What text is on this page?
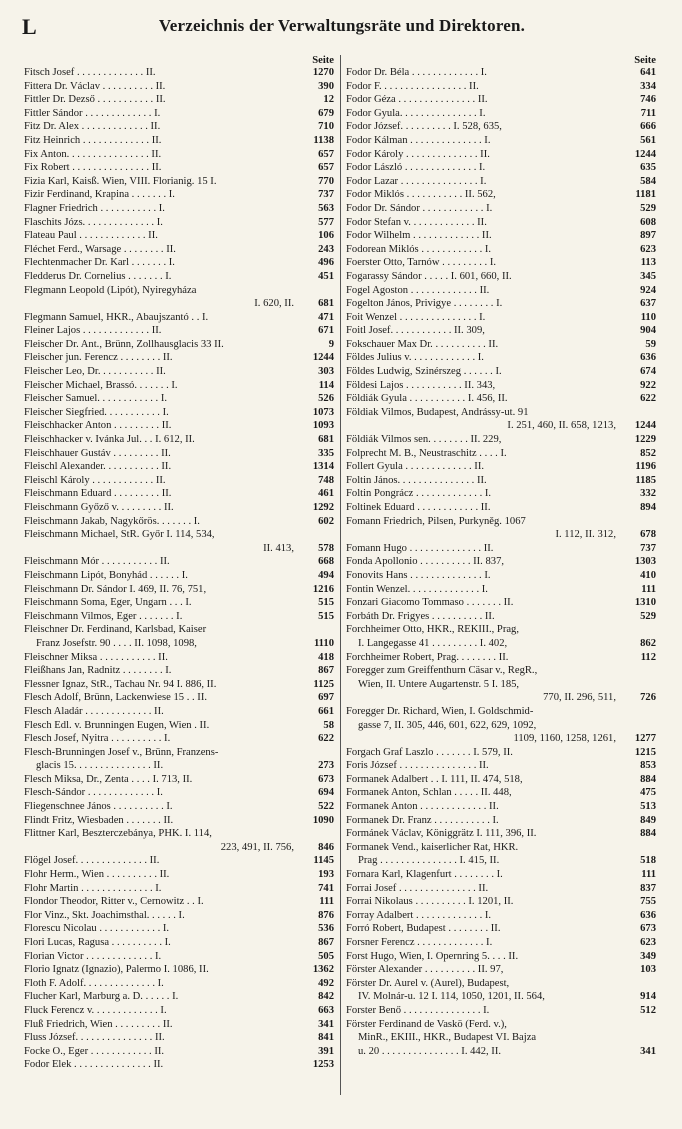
L	Verzeichnis der Verwaltungsräte und Direktoren.
Seite
Fitsch Josef . . . . . . . . . . . . . II.	1270
Fittera Dr. Václav . . . . . . . . . . II.	390
Fittler Dr. Dezső . . . . . . . . . . . II.	12
Fittler Sándor . . . . . . . . . . . . . I.	679
Fitz Dr. Alex . . . . . . . . . . . . . II.	710
Fitz Heinrich . . . . . . . . . . . . . II.	1138
Fix Anton. . . . . . . . . . . . . . . . II.	657
Fix Robert . . . . . . . . . . . . . . . II.	657
Fizia Karl, Kaisß. Wien, VIII. Florianig. 15 I.	770
Fizir Ferdinand, Krapina . . . . . . . I.	737
Flagner Friedrich . . . . . . . . . . . I.	563
Flaschits Józs. . . . . . . . . . . . . . I.	577
Flateau Paul . . . . . . . . . . . . . II.	106
Fléchet Ferd., Warsage . . . . . . . . II.	243
Flechtenmacher Dr. Karl . . . . . . . I.	496
Fledderus Dr. Cornelius . . . . . . . I.	451
Flegmann Leopold (Lipót), Nyiregyháza
I. 620, II.	681
Flegmann Samuel, HKR., Abaujszantó . . I.	471
Fleiner Lajos . . . . . . . . . . . . . II.	671
Fleischer Dr. Ant., Brünn, Zollhausglacis 33 II.	9
Fleischer jun. Ferencz . . . . . . . . II.	1244
Fleischer Leo, Dr. . . . . . . . . . . II.	303
Fleischer Michael, Brassó. . . . . . . I.	114
Fleischer Samuel. . . . . . . . . . . . I.	526
Fleischer Siegfried. . . . . . . . . . . I.	1073
Fleischhacker Anton . . . . . . . . . II.	1093
Fleischhacker v. Ivánka Jul. . . I. 612, II.	681
Fleischhauer Gustáv . . . . . . . . . II.	335
Fleischl Alexander. . . . . . . . . . . II.	1314
Fleischl Károly . . . . . . . . . . . . II.	748
Fleischmann Eduard . . . . . . . . . II.	461
Fleischmann Győző v. . . . . . . . . II.	1292
Fleischmann Jakab, Nagykőrös. . . . . . . I.	602
Fleischmann Michael, StR. Győr I. 114, 534,
II. 413,	578
Fleischmann Mór . . . . . . . . . . . II.	668
Fleischmann Lipót, Bonyhád . . . . . . I.	494
Fleischmann Dr. Sándor I. 469, II. 76, 751,	1216
Fleischmann Soma, Eger, Ungarn . . . I.	515
Fleischmann Vilmos, Eger . . . . . . . I.	515
Fleischner Dr. Ferdinand, Karlsbad, Kaiser
Franz Josefstr. 90 . . . . II. 1098, 1098,	1110
Fleischner Miksa . . . . . . . . . . . II.	418
Fleißhans Jan, Radnitz . . . . . . . . I.	867
Flessner Ignaz, StR., Tachau Nr. 94 I. 886, II.	1125
Flesch Adolf, Brünn, Lackenwiese 15 . . II.	697
Flesch Aladár . . . . . . . . . . . . . II.	661
Flesch Edl. v. Brunningen Eugen, Wien . II.	58
Flesch Josef, Nyitra . . . . . . . . . . I.	622
Flesch-Brunningen Josef v., Brünn, Franzens-
glacis 15. . . . . . . . . . . . . . . II.	273
Flesch Miksa, Dr., Zenta . . . . I. 713, II.	673
Flesch-Sándor . . . . . . . . . . . . . I.	694
Fliegenschnee János . . . . . . . . . . I.	522
Flindt Fritz, Wiesbaden . . . . . . . II.	1090
Flittner Karl, Beszterczebánya, PHK. I. 114,
223, 491, II. 756,	846
Flögel Josef. . . . . . . . . . . . . . II.	1145
Flohr Herm., Wien . . . . . . . . . . II.	193
Flohr Martin . . . . . . . . . . . . . . I.	741
Flondor Theodor, Ritter v., Cernowitz . . I.	111
Flor Vinz., Skt. Joachimsthal. . . . . . I.	876
Florescu Nicolau . . . . . . . . . . . . I.	536
Flori Lucas, Ragusa . . . . . . . . . . I.	867
Florian Victor . . . . . . . . . . . . . I.	505
Florio Ignatz (Ignazio), Palermo I. 1086, II.	1362
Floth F. Adolf. . . . . . . . . . . . . . I.	492
Flucher Karl, Marburg a. D. . . . . . I.	842
Fluck Ferencz v. . . . . . . . . . . . . I.	663
Fluß Friedrich, Wien . . . . . . . . . II.	341
Fluss József. . . . . . . . . . . . . . . II.	841
Focke O., Eger . . . . . . . . . . . . II.	391
Fodor Elek . . . . . . . . . . . . . . . II.	1253
Seite
Fodor Dr. Béla . . . . . . . . . . . . . I.	641
Fodor F. . . . . . . . . . . . . . . . . II.	334
Fodor Géza . . . . . . . . . . . . . . . II.	746
Fodor Gyula. . . . . . . . . . . . . . . I.	711
Fodor József. . . . . . . . . . I. 528, 635,	666
Fodor Kálman . . . . . . . . . . . . . . I.	561
Fodor Károly . . . . . . . . . . . . . . II.	1244
Fodor László . . . . . . . . . . . . . . I.	635
Fodor Lazar . . . . . . . . . . . . . . . I.	584
Fodor Miklós . . . . . . . . . . . II. 562,	1181
Fodor Dr. Sándor . . . . . . . . . . . . I.	529
Fodor Stefan v. . . . . . . . . . . . . II.	608
Fodor Wilhelm . . . . . . . . . . . . . II.	897
Fodorean Miklós . . . . . . . . . . . . I.	623
Foerster Otto, Tarnów . . . . . . . . . I.	113
Fogarassy Sándor . . . . . I. 601, 660, II.	345
Fogel Agoston . . . . . . . . . . . . . II.	924
Fogelton János, Privigye . . . . . . . . I.	637
Foit Wenzel . . . . . . . . . . . . . . . I.	110
Foitl Josef. . . . . . . . . . . . II. 309,	904
Fokschauer Max Dr. . . . . . . . . . . II.	59
Földes Julius v. . . . . . . . . . . . . I.	636
Földes Ludwig, Szinérszeg . . . . . . I.	674
Földesi Lajos . . . . . . . . . . . II. 343,	922
Földiák Gyula . . . . . . . . . . . I. 456, II.	622
Földiak Vilmos, Budapest, Andrássy-ut. 91
I. 251, 460, II. 658, 1213,	1244
Földiák Vilmos sen. . . . . . . . II. 229,	1229
Folprecht M. B., Neustraschitz . . . . I.	852
Follert Gyula . . . . . . . . . . . . . II.	1196
Foltin János. . . . . . . . . . . . . . . II.	1185
Foltin Pongrácz . . . . . . . . . . . . . I.	332
Foltinek Eduard . . . . . . . . . . . . II.	894
Fomann Friedrich, Pilsen, Purkyněg. 1067
I. 112, II. 312,	678
Fomann Hugo . . . . . . . . . . . . . . II.	737
Fonda Apollonio . . . . . . . . . . II. 837,	1303
Fonovits Hans . . . . . . . . . . . . . . I.	410
Fontin Wenzel. . . . . . . . . . . . . . I.	111
Fonzari Giacomo Tommaso . . . . . . . II.	1310
Forbáth Dr. Frigyes . . . . . . . . . . II.	529
Forchheimer Otto, HKR., REKIII., Prag,
I. Langegasse 41 . . . . . . . . . I. 402,	862
Forchheimer Robert, Prag. . . . . . . . II.	112
Foregger zum Greiffenthurn Cäsar v., RegR.,
Wien, II. Untere Augartenstr. 5 I. 185,
770, II. 296, 511,	726
Foregger Dr. Richard, Wien, I. Goldschmid-
gasse 7, II. 305, 446, 601, 622, 629, 1092,
1109, 1160, 1258, 1261,	1277
Forgach Graf Laszlo . . . . . . . I. 579, II.	1215
Foris József . . . . . . . . . . . . . . . II.	853
Formanek Adalbert . . I. 111, II. 474, 518,	884
Formanek Anton, Schlan . . . . . II. 448,	475
Formanek Anton . . . . . . . . . . . . . II.	513
Formanek Dr. Franz . . . . . . . . . . . I.	849
Formánek Václav, Königgrätz I. 111, 396, II.	884
Formanek Vend., kaiserlicher Rat, HKR.
Prag . . . . . . . . . . . . . . . I. 415, II.	518
Fornara Karl, Klagenfurt . . . . . . . . I.	111
Forrai Josef . . . . . . . . . . . . . . . II.	837
Forrai Nikolaus . . . . . . . . . . I. 1201, II.	755
Forray Adalbert . . . . . . . . . . . . . I.	636
Forró Robert, Budapest . . . . . . . . II.	673
Forsner Ferencz . . . . . . . . . . . . . I.	623
Forst Hugo, Wien, I. Opernring 5. . . . II.	349
Förster Alexander . . . . . . . . . . II. 97,	103
Förster Dr. Aurel v. (Aurel), Budapest,
IV. Molnár-u. 12 I. 114, 1050, 1201, II. 564,	914
Forster Benő . . . . . . . . . . . . . . . I.	512
Förster Ferdinand de Vaskö (Ferd. v.),
MinR., EKIII., HKR., Budapest VI. Bajza
u. 20 . . . . . . . . . . . . . . . I. 442, II.	341
